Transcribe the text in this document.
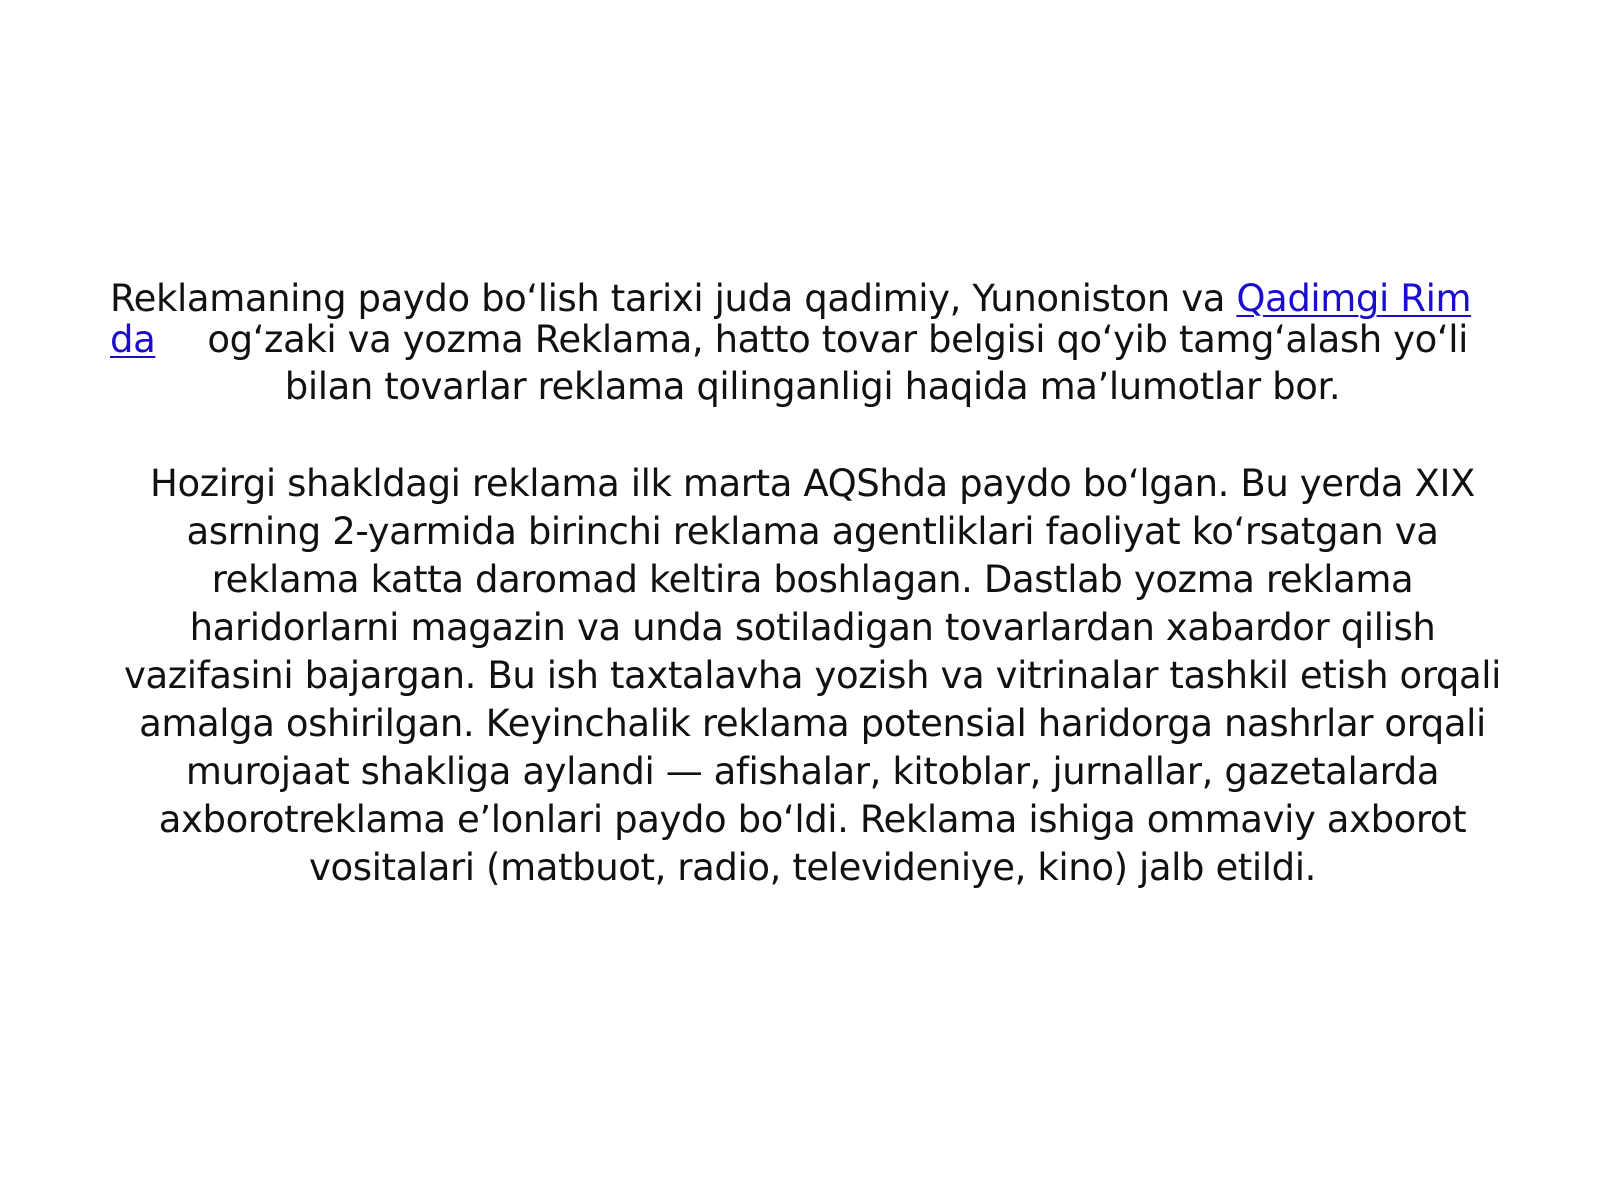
Reklamaning paydo bo‘lish tarixi juda qadimiy, Yunoniston va Qadimgi Rim
da og‘zaki va yozma Reklama, hatto tovar belgisi qo‘yib tamg‘alash yo‘li
bilan tovarlar reklama qilinganligi haqida ma’lumotlar bor.
Hozirgi shakldagi reklama ilk marta AQShda paydo bo‘lgan. Bu yerda XIX
asrning 2-yarmida birinchi reklama agentliklari faoliyat ko‘rsatgan va
reklama katta daromad keltira boshlagan. Dastlab yozma reklama
haridorlarni magazin va unda sotiladigan tovarlardan xabardor qilish
vazifasini bajargan. Bu ish taxtalavha yozish va vitrinalar tashkil etish orqali
amalga oshirilgan. Keyinchalik reklama potensial haridorga nashrlar orqali
murojaat shakliga aylandi — afishalar, kitoblar, jurnallar, gazetalarda
axborotreklama e’lonlari paydo bo‘ldi. Reklama ishiga ommaviy axborot
vositalari (matbuot, radio, televideniye, kino) jalb etildi.
